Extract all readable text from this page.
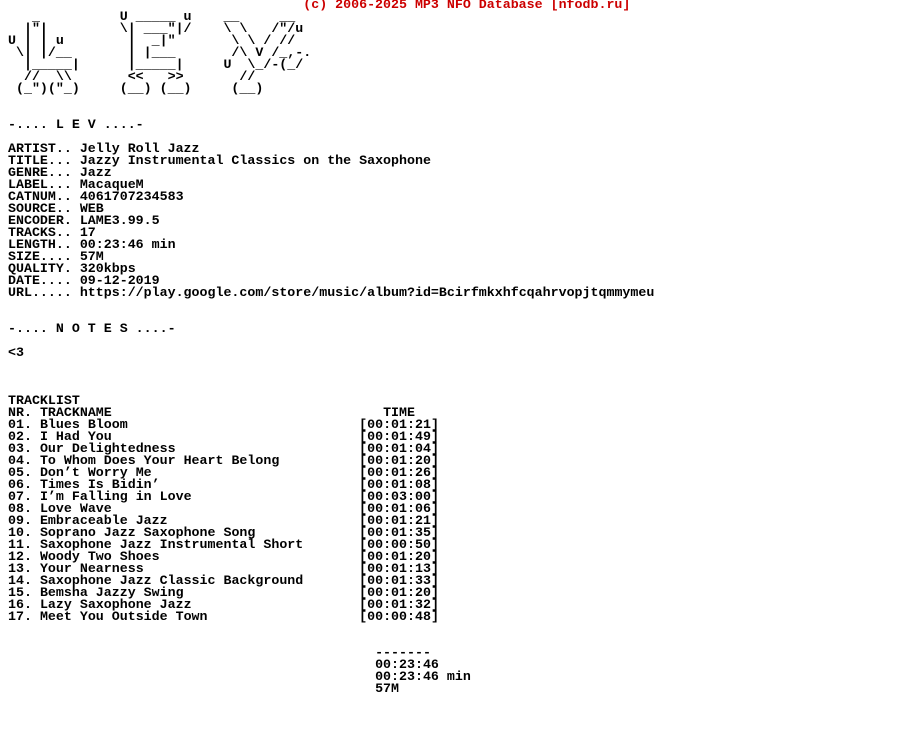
(c) 2006-2025 MP3 NFO Database [nfodb.ru]
_          U _____ u    __     __
|"|         \| ___"|/    \ \   /"/u
U | | u        |  _|"       \ \ / //
\| |/__       | |___       /\ V /_,-.
|_____|      |_____|     U  \_/-(_/
//  \\       <<   >>       //
(_")("_)     (__) (__)     (__)

-.... L E V ....-

ARTIST.. Jelly Roll Jazz
TITLE... Jazzy Instrumental Classics on the Saxophone
GENRE... Jazz
LABEL... MacaqueM
CATNUM.. 4061707234583
SOURCE.. WEB
ENCODER. LAME3.99.5
TRACKS.. 17
LENGTH.. 00:23:46 min
SIZE.... 57M
QUALITY. 320kbps
DATE.... 09-12-2019
URL..... https://play.google.com/store/music/album?id=Bcirfmkxhfcqahrvopjtqmmymeu

-.... N O T E S ....-

<3

TRACKLIST
NR. TRACKNAME	TIME
01. Blues Bloom	[00:01:21]
02. I Had You	[00:01:49]
03. Our Delightedness	[00:01:04]
04. To Whom Does Your Heart Belong	[00:01:20]
05. Don’t Worry Me	[00:01:26]
06. Times Is Bidin’	[00:01:08]
07. I’m Falling in Love	[00:03:00]
08. Love Wave	[00:01:06]
09. Embraceable Jazz	[00:01:21]
10. Soprano Jazz Saxophone Song	[00:01:35]
11. Saxophone Jazz Instrumental Short	[00:00:50]
12. Woody Two Shoes	[00:01:20]
13. Your Nearness	[00:01:13]
14. Saxophone Jazz Classic Background	[00:01:33]
15. Bemsha Jazzy Swing	[00:01:20]
16. Lazy Saxophone Jazz	[00:01:32]
17. Meet You Outside Town	[00:00:48]

-------
00:23:46
00:23:46 min
57M
